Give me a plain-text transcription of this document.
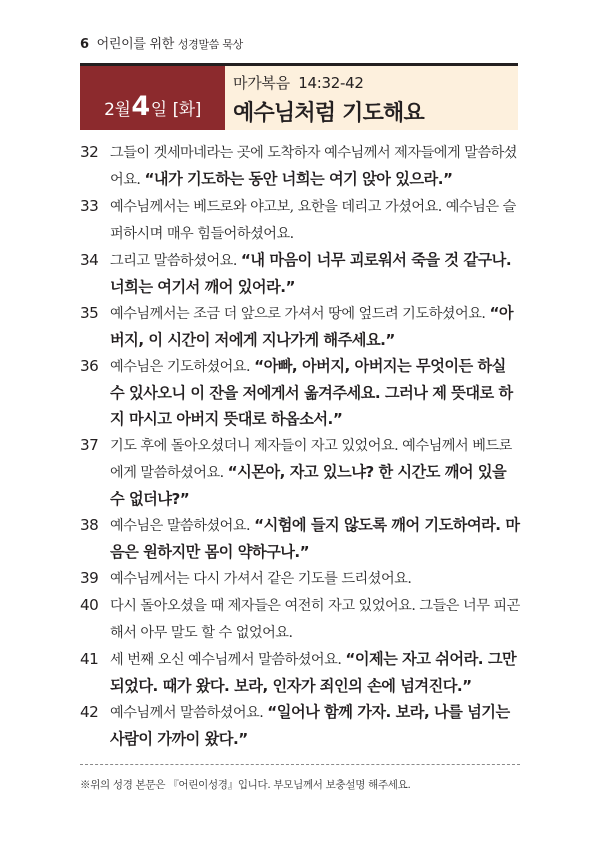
6 어린이를 위한 성경말씀 묵상
2월 4 일 [화]
마가복음 14:32-42
예수님처럼 기도해요
32 그들이 겟세마네라는 곳에 도착하자 예수님께서 제자들에게 말씀하셨어요. “내가 기도하는 동안 너희는 여기 앉아 있으라.”
33 예수님께서는 베드로와 야고보, 요한을 데리고 가셨어요. 예수님은 슬퍼하시며 매우 힘들어하셨어요.
34 그리고 말씀하셨어요. “내 마음이 너무 괴로워서 죽을 것 같구나. 너희는 여기서 깨어 있어라.”
35 예수님께서는 조금 더 앞으로 가셔서 땅에 엎드려 기도하셨어요. “아버지, 이 시간이 저에게 지나가게 해주세요.”
36 예수님은 기도하셨어요. “아빠, 아버지, 아버지는 무엇이든 하실 수 있사오니 이 잔을 저에게서 옮겨주세요. 그러나 제 뜻대로 하지 마시고 아버지 뜻대로 하옵소서.”
37 기도 후에 돌아오셨더니 제자들이 자고 있었어요. 예수님께서 베드로에게 말씀하셨어요. “시몬아, 자고 있느냐? 한 시간도 깨어 있을 수 없더냐?”
38 예수님은 말씀하셨어요. “시험에 들지 않도록 깨어 기도하여라. 마음은 원하지만 몸이 약하구나.”
39 예수님께서는 다시 가셔서 같은 기도를 드리셨어요.
40 다시 돌아오셨을 때 제자들은 여전히 자고 있었어요. 그들은 너무 피곤해서 아무 말도 할 수 없었어요.
41 세 번째 오신 예수님께서 말씀하셨어요. “이제는 자고 쉬어라. 그만되었다. 때가 왔다. 보라, 인자가 죄인의 손에 넘겨진다.”
42 예수님께서 말씀하셨어요. “일어나 함께 가자. 보라, 나를 넘기는 사람이 가까이 왔다.”
※위의 성경 본문은 『어린이성경』입니다. 부모님께서 보충설명 해주세요.
